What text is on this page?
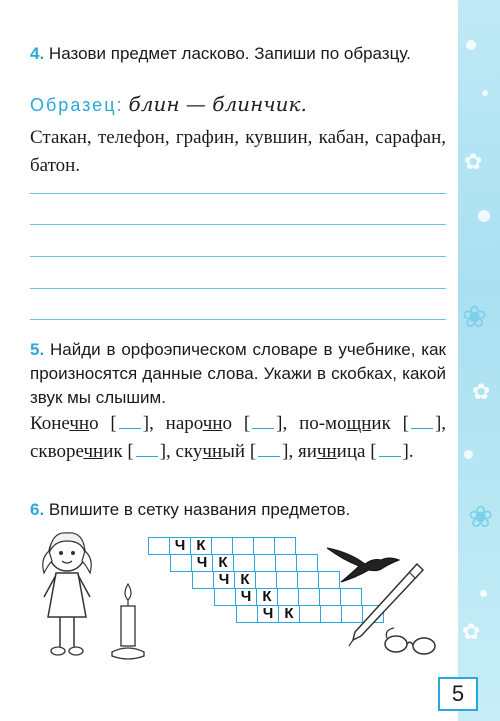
✿
❀
✿
❀
✿
4. Назови предмет ласково. Запиши по образцу.
Образец: блин — блинчик.
Стакан, телефон, графин, кувшин, кабан, сарафан, батон.
5. Найди в орфоэпическом словаре в учебнике, как произносятся данные слова. Укажи в скобках, какой звук мы слышим.
Конечно [ ], нарочно [ ], по-мощник [ ], скворечник [ ], скучный [ ], яичница [ ].
6. Впишите в сетку названия предметов.
Ч К
Ч К
Ч К
Ч К
Ч К
5
